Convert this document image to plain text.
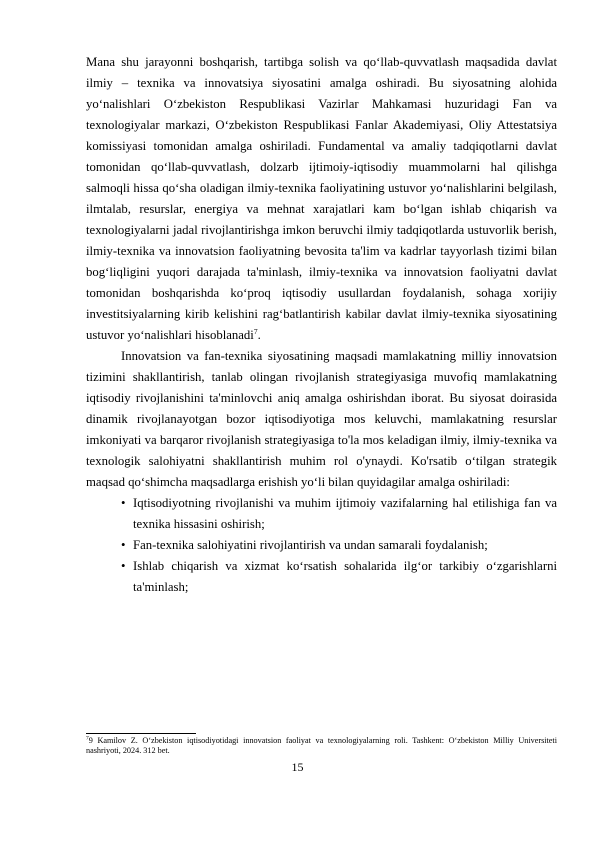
Mana shu jarayonni boshqarish, tartibga solish va qo‘llab-quvvatlash maqsadida davlat ilmiy – texnika va innovatsiya siyosatini amalga oshiradi. Bu siyosatning alohida yo‘nalishlari O‘zbekiston Respublikasi Vazirlar Mahkamasi huzuridagi Fan va texnologiyalar markazi, O‘zbekiston Respublikasi Fanlar Akademiyasi, Oliy Attestatsiya komissiyasi tomonidan amalga oshiriladi. Fundamental va amaliy tadqiqotlarni davlat tomonidan qo‘llab-quvvatlash, dolzarb ijtimoiy-iqtisodiy muammolarni hal qilishga salmoqli hissa qo‘sha oladigan ilmiy-texnika faoliyatining ustuvor yo‘nalishlarini belgilash, ilmtalab, resurslar, energiya va mehnat xarajatlari kam bo‘lgan ishlab chiqarish va texnologiyalarni jadal rivojlantirishga imkon beruvchi ilmiy tadqiqotlarda ustuvorlik berish, ilmiy-texnika va innovatsion faoliyatning bevosita ta'lim va kadrlar tayyorlash tizimi bilan bog‘liqligini yuqori darajada ta'minlash, ilmiy-texnika va innovatsion faoliyatni davlat tomonidan boshqarishda ko‘proq iqtisodiy usullardan foydalanish, sohaga xorijiy investitsiyalarning kirib kelishini rag‘batlantirish kabilar davlat ilmiy-texnika siyosatining ustuvor yo‘nalishlari hisoblanadi$^7$.

Innovatsion va fan-texnika siyosatining maqsadi mamlakatning milliy innovatsion tizimini shakllantirish, tanlab olingan rivojlanish strategiyasiga muvofiq mamlakatning iqtisodiy rivojlanishini ta'minlovchi aniq amalga oshirishdan iborat. Bu siyosat doirasida dinamik rivojlanayotgan bozor iqtisodiyotiga mos keluvchi, mamlakatning resurslar imkoniyati va barqaror rivojlanish strategiyasiga to'la mos keladigan ilmiy, ilmiy-texnika va texnologik salohiyatni shakllantirish muhim rol o'ynaydi. Ko'rsatib o‘tilgan strategik maqsad qo‘shimcha maqsadlarga erishish yo‘li bilan quyidagilar amalga oshiriladi:

• Iqtisodiyotning rivojlanishi va muhim ijtimoiy vazifalarning hal etilishiga fan va texnika hissasini oshirish;

• Fan-texnika salohiyatini rivojlantirish va undan samarali foydalanish;

• Ishlab chiqarish va xizmat ko‘rsatish sohalarida ilg‘or tarkibiy o‘zgarishlarni ta'minlash;

$^7$9 Kamilov Z. O‘zbekiston iqtisodiyotidagi innovatsion faoliyat va texnologiyalarning roli. Tashkent: O‘zbekiston Milliy Universiteti nashriyoti, 2024. 312 bet.
15
